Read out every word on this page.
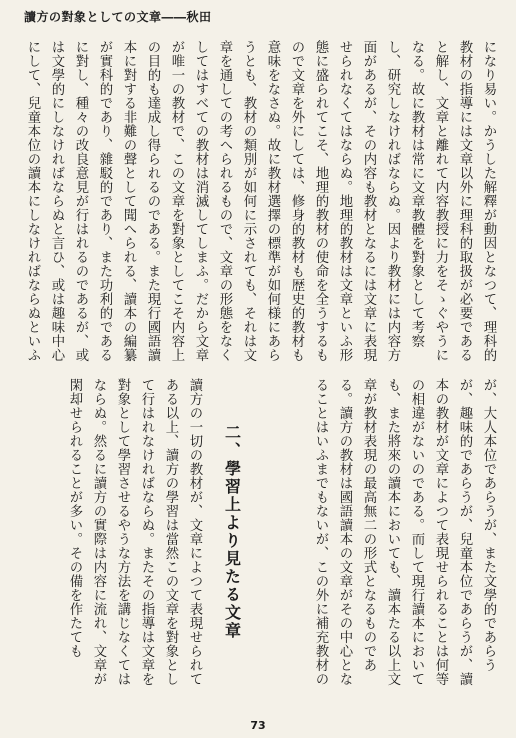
讀方の對象としての文章――秋田

になり易い。かうした解釋が動因となつて、理科的教材の指導には文章以外に理科的取扱が必要であると解し、文章と離れて内容教授に力をそゝぐやうになる。故に教材は常に文章教體を對象として考察し、研究しなければならぬ。因より教材には内容方面があるが、その内容も教材となるには文章に表現せられなくてはならぬ。地理的教材は文章といふ形態に盛られてこそ、地理的教材の使命を全うするもので文章を外にしては、修身的教材も歴史的教材も意味をなさぬ。故に教材選擇の標準が如何様にあらうとも、教材の類別が如何に示されても、それは文章を通しての考へられるもので、文章の形態をなくしてはすべての教材は消滅してしまふ。だから文章が唯一の教材で、この文章を對象としてこそ内容上の目的も達成し得られるのである。また現行國語讀本に對する非難の聲として聞へられる、讀本の編纂が實科的であり、雜駁的であり、また功利的であるに對し、種々の改良意見が行はれるのであるが、或は文學的にしなければならぬと言ひ、或は趣味中心にして、兒童本位の讀本にしなければならぬといふ

が、大人本位であらうが、また文學的であらうが、趣味的であらうが、兒童本位であらうが、讀本の教材が文章によつて表現せられることは何等の相違がないのである。而して現行讀本においても、また將來の讀本においても、讀本たる以上文章が教材表現の最高無二の形式となるものである。讀方の教材は國語讀本の文章がその中心となることはいふまでもないが、この外に補充教材の

二、學習上より見たる文章

讀方の一切の教材が、文章によつて表現せられてある以上、讀方の學習は當然この文章を對象として行はれなければならぬ。またその指導は文章を對象として學習させるやうな方法を講じなくてはならぬ。然るに讀方の實際は内容に流れ、文章が閑却せられることが多い。その備を作たても

73
